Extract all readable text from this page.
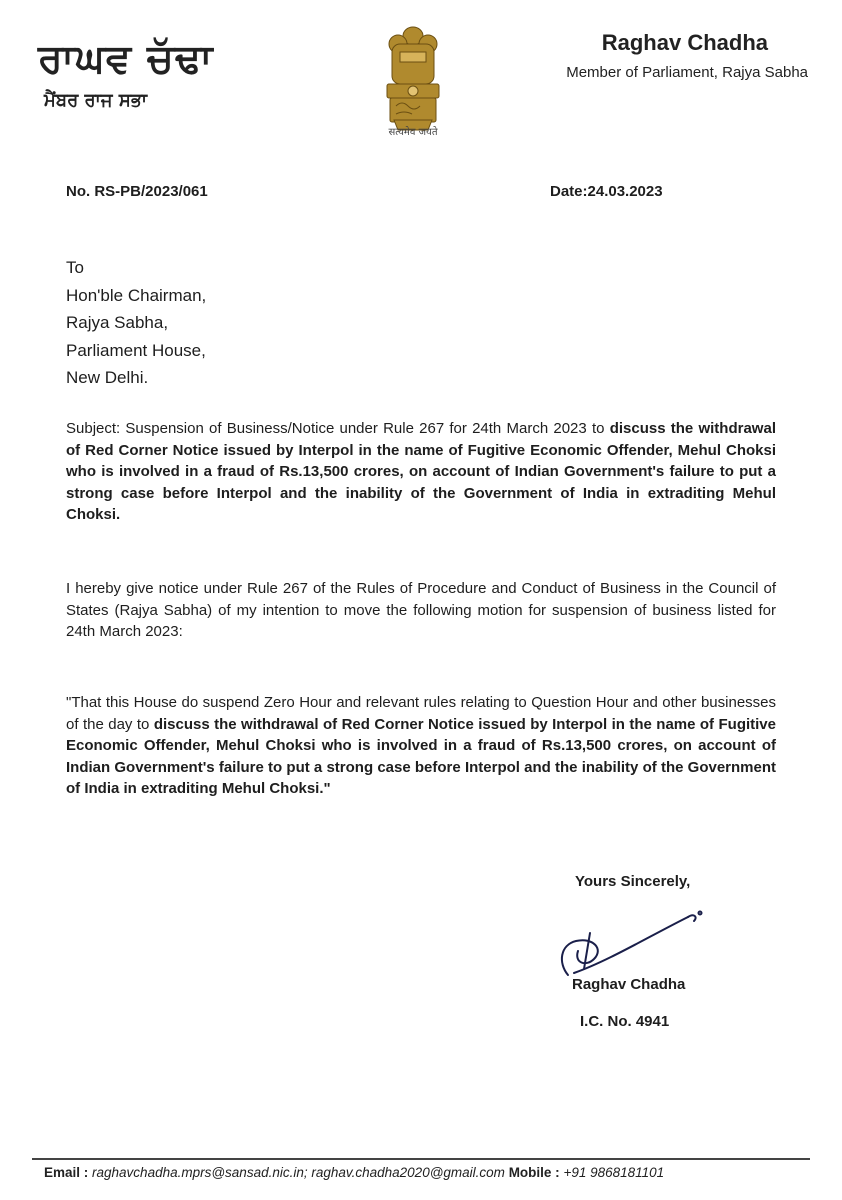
ਰਾਘਵ ਚੱਢਾ
ਮੈਂਬਰ ਰਾਜ ਸਭਾ
सत्यमेव जयते
Raghav Chadha
Member of Parliament, Rajya Sabha
No. RS-PB/2023/061	Date:24.03.2023
To
Hon'ble Chairman,
Rajya Sabha,
Parliament House,
New Delhi.
Subject: Suspension of Business/Notice under Rule 267 for 24th March 2023 to discuss the withdrawal of Red Corner Notice issued by Interpol in the name of Fugitive Economic Offender, Mehul Choksi who is involved in a fraud of Rs.13,500 crores, on account of Indian Government's failure to put a strong case before Interpol and the inability of the Government of India in extraditing Mehul Choksi.
I hereby give notice under Rule 267 of the Rules of Procedure and Conduct of Business in the Council of States (Rajya Sabha) of my intention to move the following motion for suspension of business listed for 24th March 2023:
"That this House do suspend Zero Hour and relevant rules relating to Question Hour and other businesses of the day to discuss the withdrawal of Red Corner Notice issued by Interpol in the name of Fugitive Economic Offender, Mehul Choksi who is involved in a fraud of Rs.13,500 crores, on account of Indian Government's failure to put a strong case before Interpol and the inability of the Government of India in extraditing Mehul Choksi."
Yours Sincerely,
Raghav Chadha
I.C. No. 4941
Email : raghavchadha.mprs@sansad.nic.in; raghav.chadha2020@gmail.com Mobile : +91 9868181101
